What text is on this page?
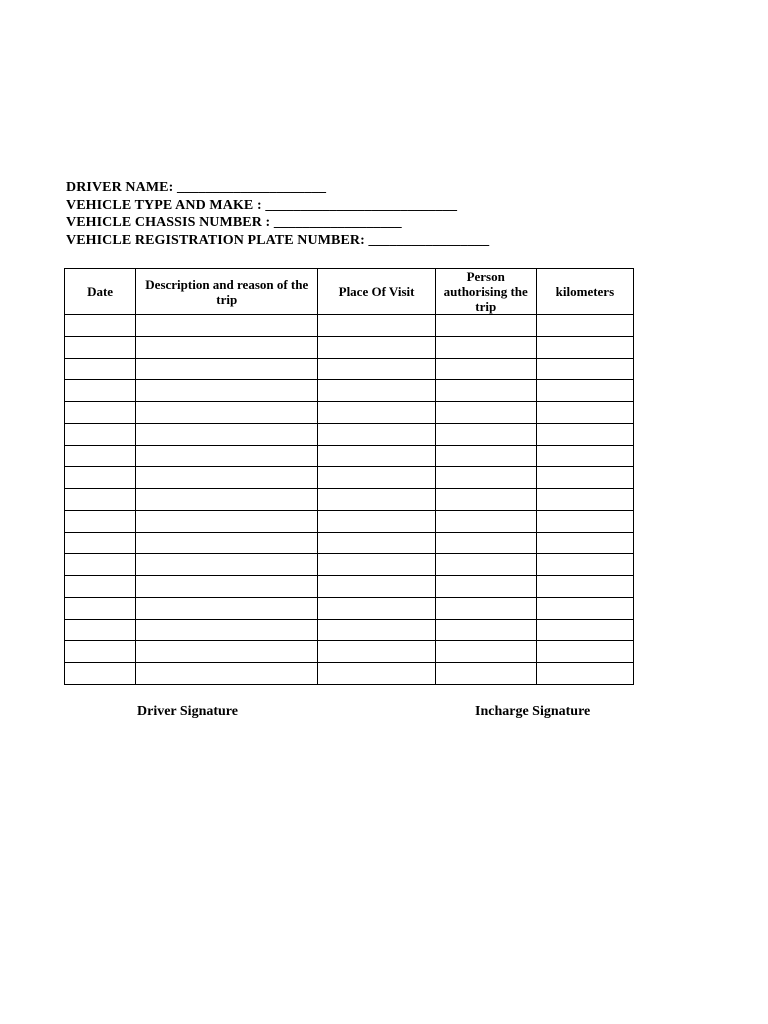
DRIVER NAME: _____________________
VEHICLE TYPE AND MAKE : ___________________________
VEHICLE CHASSIS NUMBER : __________________
VEHICLE REGISTRATION PLATE NUMBER: _________________
Date	Description and reason of the trip	Place Of Visit	Person authorising the trip	kilometers

Driver Signature	Incharge Signature
